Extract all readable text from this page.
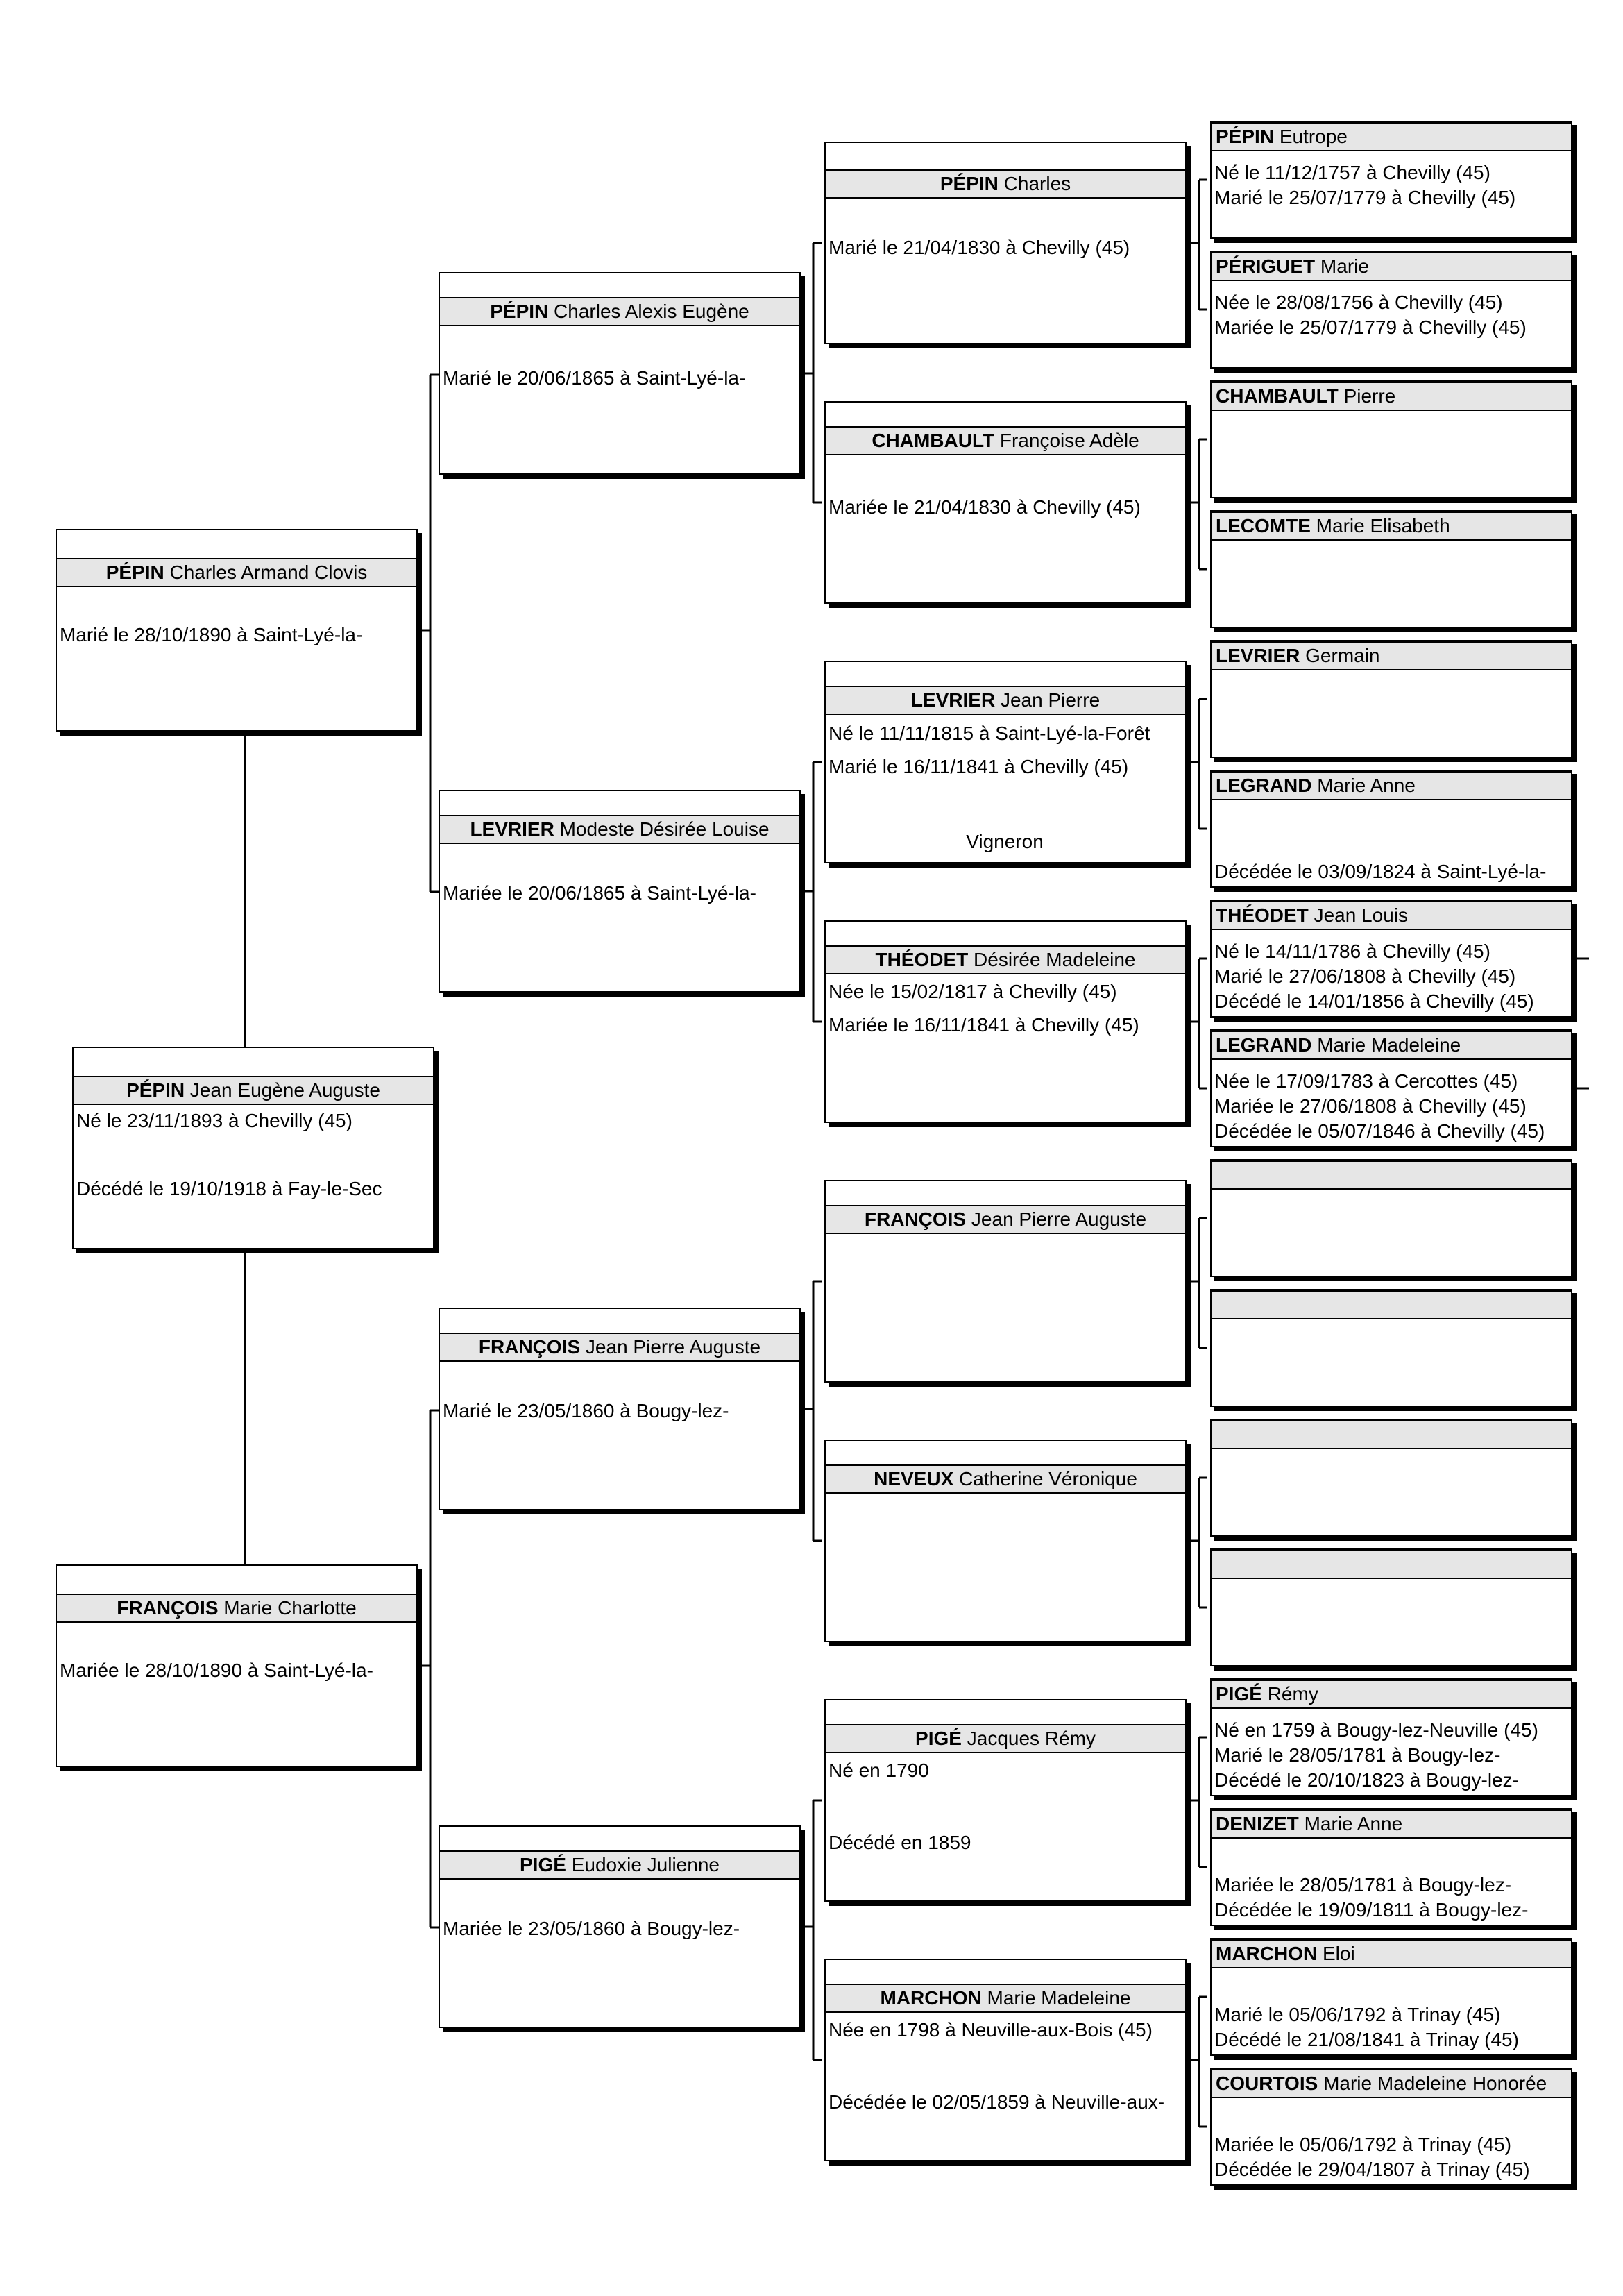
PÉPIN Jean Eugène Auguste
Né le 23/11/1893 à Chevilly (45)
Décédé le 19/10/1918 à Fay-le-Sec
PÉPIN Charles Armand Clovis
Marié le 28/10/1890 à Saint-Lyé-la-
FRANÇOIS Marie Charlotte
Mariée le 28/10/1890 à Saint-Lyé-la-
PÉPIN Charles Alexis Eugène
Marié le 20/06/1865 à Saint-Lyé-la-
LEVRIER Modeste Désirée Louise
Mariée le 20/06/1865 à Saint-Lyé-la-
FRANÇOIS Jean Pierre Auguste
Marié le 23/05/1860 à Bougy-lez-
PIGÉ Eudoxie Julienne
Mariée le 23/05/1860 à Bougy-lez-
PÉPIN Charles
Marié le 21/04/1830 à Chevilly (45)
CHAMBAULT Françoise Adèle
Mariée le 21/04/1830 à Chevilly (45)
LEVRIER Jean Pierre
Né le 11/11/1815 à Saint-Lyé-la-Forêt
Marié le 16/11/1841 à Chevilly (45)
Vigneron
THÉODET Désirée Madeleine
Née le 15/02/1817 à Chevilly (45)
Mariée le 16/11/1841 à Chevilly (45)
FRANÇOIS Jean Pierre Auguste
NEVEUX Catherine Véronique
PIGÉ Jacques Rémy
Né en 1790
Décédé en 1859
MARCHON Marie Madeleine
Née en 1798 à Neuville-aux-Bois (45)
Décédée le 02/05/1859 à Neuville-aux-
PÉPIN Eutrope
Né le 11/12/1757 à Chevilly (45)
Marié le 25/07/1779 à Chevilly (45)
PÉRIGUET Marie
Née le 28/08/1756 à Chevilly (45)
Mariée le 25/07/1779 à Chevilly (45)
CHAMBAULT Pierre
LECOMTE Marie Elisabeth
LEVRIER Germain
LEGRAND Marie Anne
Décédée le 03/09/1824 à Saint-Lyé-la-
THÉODET Jean Louis
Né le 14/11/1786 à Chevilly (45)
Marié le 27/06/1808 à Chevilly (45)
Décédé le 14/01/1856 à Chevilly (45)
LEGRAND Marie Madeleine
Née le 17/09/1783 à Cercottes (45)
Mariée le 27/06/1808 à Chevilly (45)
Décédée le 05/07/1846 à Chevilly (45)
PIGÉ Rémy
Né en 1759 à Bougy-lez-Neuville (45)
Marié le 28/05/1781 à Bougy-lez-
Décédé le 20/10/1823 à Bougy-lez-
DENIZET Marie Anne
Mariée le 28/05/1781 à Bougy-lez-
Décédée le 19/09/1811 à Bougy-lez-
MARCHON Eloi
Marié le 05/06/1792 à Trinay (45)
Décédé le 21/08/1841 à Trinay (45)
COURTOIS Marie Madeleine Honorée
Mariée le 05/06/1792 à Trinay (45)
Décédée le 29/04/1807 à Trinay (45)
